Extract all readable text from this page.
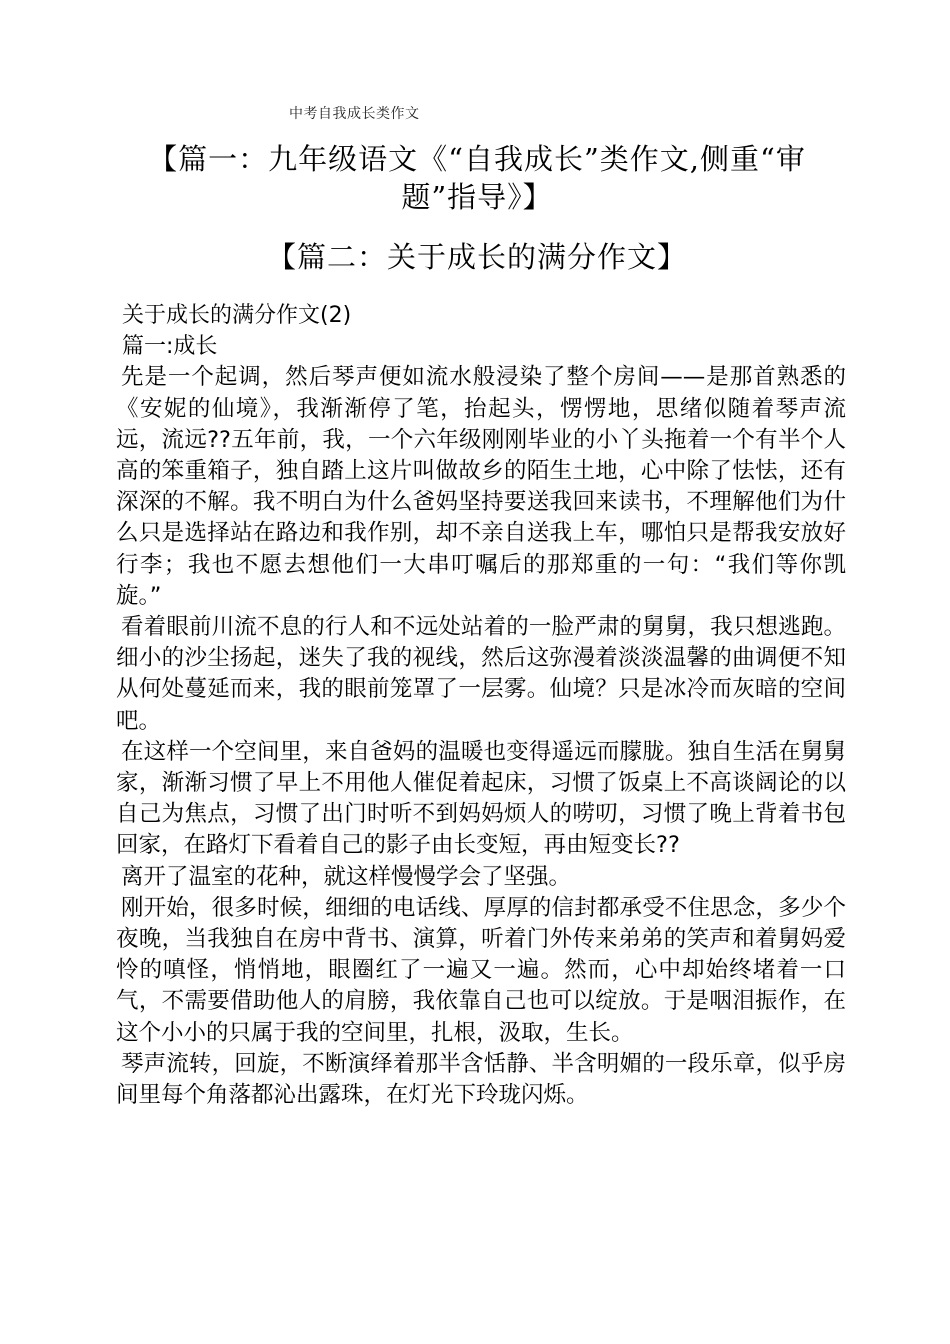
中考自我成长类作文
【篇一：九年级语文《“自我成长”类作文,侧重“审题”指导》】
【篇二：关于成长的满分作文】
关于成长的满分作文(2)
篇一:成长

先是一个起调，然后琴声便如流水般浸染了整个房间——是那首熟悉的《安妮的仙境》，我渐渐停了笔，抬起头，愣愣地，思绪似随着琴声流远，流远??五年前，我，一个六年级刚刚毕业的小丫头拖着一个有半个人高的笨重箱子，独自踏上这片叫做故乡的陌生土地，心中除了怯怯，还有深深的不解。我不明白为什么爸妈坚持要送我回来读书，不理解他们为什么只是选择站在路边和我作别，却不亲自送我上车，哪怕只是帮我安放好行李；我也不愿去想他们一大串叮嘱后的那郑重的一句：“我们等你凯旋。”

看着眼前川流不息的行人和不远处站着的一脸严肃的舅舅，我只想逃跑。细小的沙尘扬起，迷失了我的视线，然后这弥漫着淡淡温馨的曲调便不知从何处蔓延而来，我的眼前笼罩了一层雾。仙境？只是冰冷而灰暗的空间吧。

在这样一个空间里，来自爸妈的温暖也变得遥远而朦胧。独自生活在舅舅家，渐渐习惯了早上不用他人催促着起床，习惯了饭桌上不高谈阔论的以自己为焦点，习惯了出门时听不到妈妈烦人的唠叨，习惯了晚上背着书包回家，在路灯下看着自己的影子由长变短，再由短变长??

离开了温室的花种，就这样慢慢学会了坚强。

刚开始，很多时候，细细的电话线、厚厚的信封都承受不住思念，多少个夜晚，当我独自在房中背书、演算，听着门外传来弟弟的笑声和着舅妈爱怜的嗔怪，悄悄地，眼圈红了一遍又一遍。然而，心中却始终堵着一口气，不需要借助他人的肩膀，我依靠自己也可以绽放。于是咽泪振作，在这个小小的只属于我的空间里，扎根，汲取，生长。

琴声流转，回旋，不断演绎着那半含恬静、半含明媚的一段乐章，似乎房间里每个角落都沁出露珠，在灯光下玲珑闪烁。
